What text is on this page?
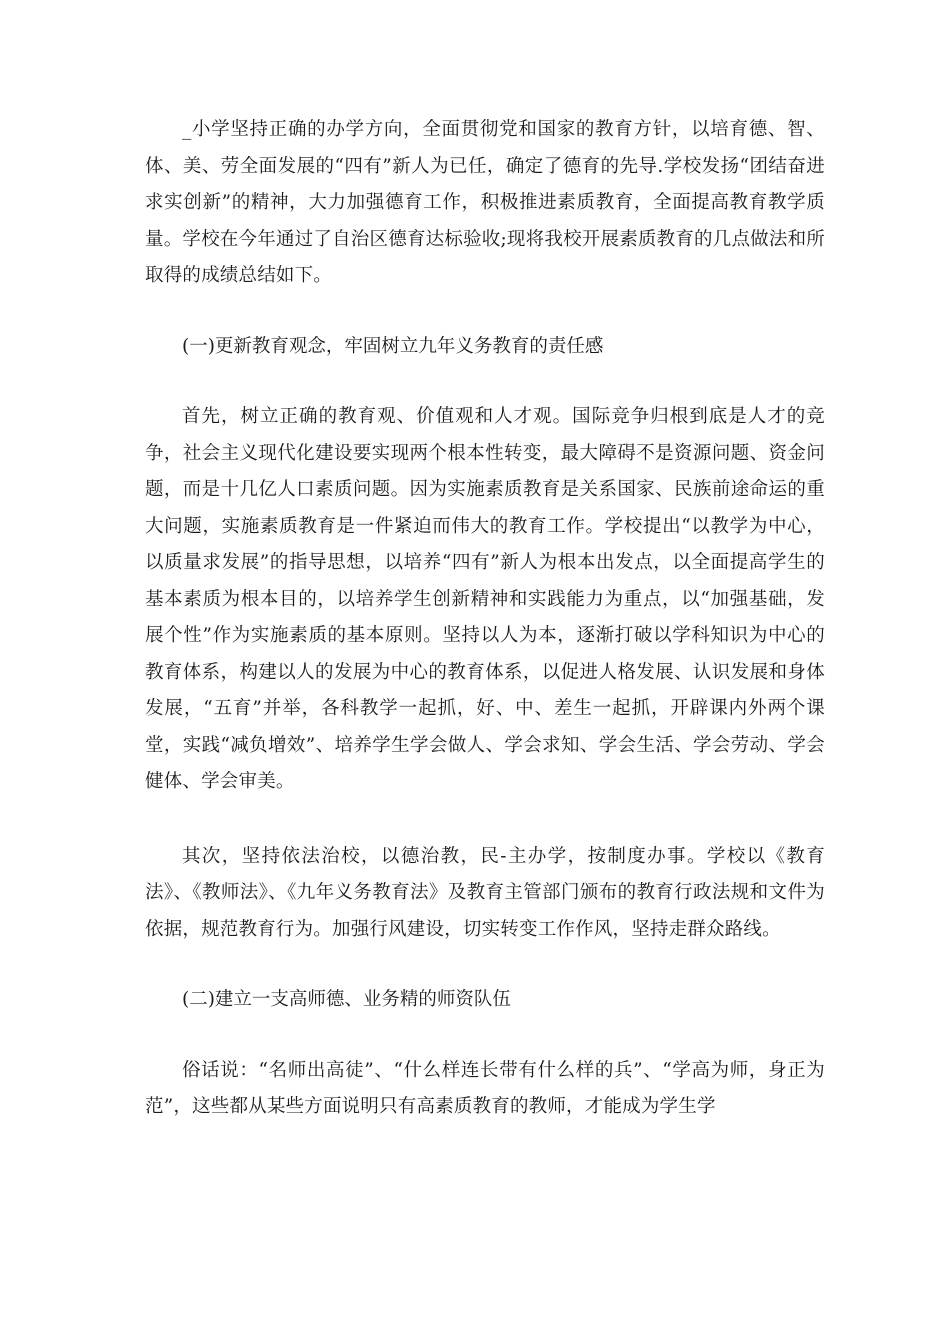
_小学坚持正确的办学方向，全面贯彻党和国家的教育方针，以培育德、智、体、美、劳全面发展的“四有”新人为已任，确定了德育的先导.学校发扬“团结奋进求实创新”的精神，大力加强德育工作，积极推进素质教育，全面提高教育教学质量。学校在今年通过了自治区德育达标验收;现将我校开展素质教育的几点做法和所取得的成绩总结如下。

(一)更新教育观念，牢固树立九年义务教育的责任感

首先，树立正确的教育观、价值观和人才观。国际竞争归根到底是人才的竞争，社会主义现代化建设要实现两个根本性转变，最大障碍不是资源问题、资金问题，而是十几亿人口素质问题。因为实施素质教育是关系国家、民族前途命运的重大问题，实施素质教育是一件紧迫而伟大的教育工作。学校提出“以教学为中心，以质量求发展”的指导思想，以培养“四有”新人为根本出发点，以全面提高学生的基本素质为根本目的，以培养学生创新精神和实践能力为重点，以“加强基础，发展个性”作为实施素质的基本原则。坚持以人为本，逐渐打破以学科知识为中心的教育体系，构建以人的发展为中心的教育体系，以促进人格发展、认识发展和身体发展，“五育”并举，各科教学一起抓，好、中、差生一起抓，开辟课内外两个课堂，实践“减负增效”、培养学生学会做人、学会求知、学会生活、学会劳动、学会健体、学会审美。

其次，坚持依法治校，以德治教，民-主办学，按制度办事。学校以《教育法》、《教师法》、《九年义务教育法》及教育主管部门颁布的教育行政法规和文件为依据，规范教育行为。加强行风建设，切实转变工作作风，坚持走群众路线。

(二)建立一支高师德、业务精的师资队伍

俗话说：“名师出高徒”、“什么样连长带有什么样的兵”、“学高为师，身正为范”，这些都从某些方面说明只有高素质教育的教师，才能成为学生学
